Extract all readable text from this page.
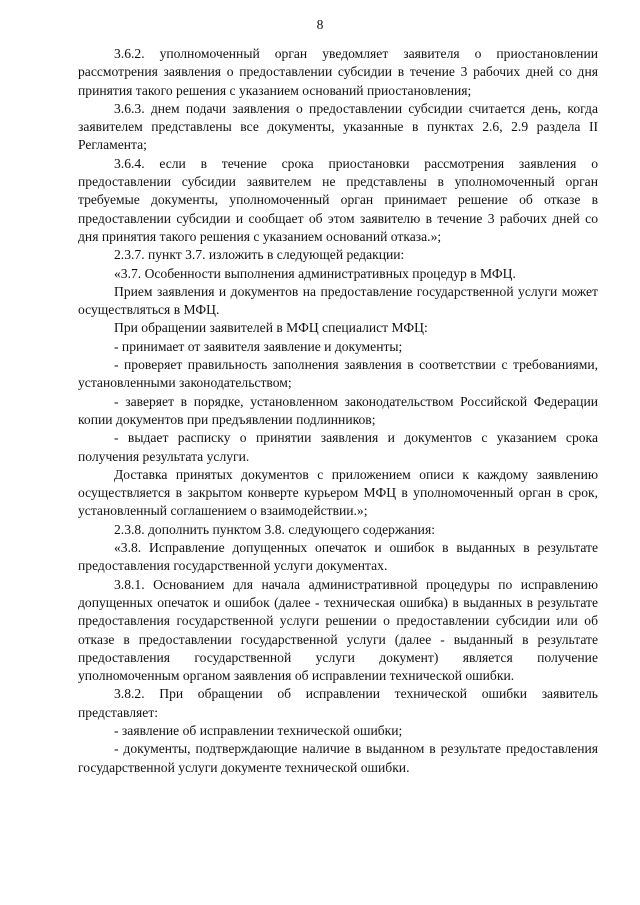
8

3.6.2. уполномоченный орган уведомляет заявителя о приостановлении рассмотрения заявления о предоставлении субсидии в течение 3 рабочих дней со дня принятия такого решения с указанием оснований приостановления;

3.6.3. днем подачи заявления о предоставлении субсидии считается день, когда заявителем представлены все документы, указанные в пунктах 2.6, 2.9 раздела II Регламента;

3.6.4. если в течение срока приостановки рассмотрения заявления о предоставлении субсидии заявителем не представлены в уполномоченный орган требуемые документы, уполномоченный орган принимает решение об отказе в предоставлении субсидии и сообщает об этом заявителю в течение 3 рабочих дней со дня принятия такого решения с указанием оснований отказа.»;

2.3.7. пункт 3.7. изложить в следующей редакции:

«3.7. Особенности выполнения административных процедур в МФЦ.

Прием заявления и документов на предоставление государственной услуги может осуществляться в МФЦ.

При обращении заявителей в МФЦ специалист МФЦ:

- принимает от заявителя заявление и документы;

- проверяет правильность заполнения заявления в соответствии с требованиями, установленными законодательством;

- заверяет в порядке, установленном законодательством Российской Федерации копии документов при предъявлении подлинников;

- выдает расписку о принятии заявления и документов с указанием срока получения результата услуги.

Доставка принятых документов с приложением описи к каждому заявлению осуществляется в закрытом конверте курьером МФЦ в уполномоченный орган в срок, установленный соглашением о взаимодействии.»;

2.3.8. дополнить пунктом 3.8. следующего содержания:

«3.8. Исправление допущенных опечаток и ошибок в выданных в результате предоставления государственной услуги документах.

3.8.1. Основанием для начала административной процедуры по исправлению допущенных опечаток и ошибок (далее - техническая ошибка) в выданных в результате предоставления государственной услуги решении о предоставлении субсидии или об отказе в предоставлении государственной услуги (далее - выданный в результате предоставления государственной услуги документ) является получение уполномоченным органом заявления об исправлении технической ошибки.

3.8.2. При обращении об исправлении технической ошибки заявитель представляет:

- заявление об исправлении технической ошибки;

- документы, подтверждающие наличие в выданном в результате предоставления государственной услуги документе технической ошибки.
